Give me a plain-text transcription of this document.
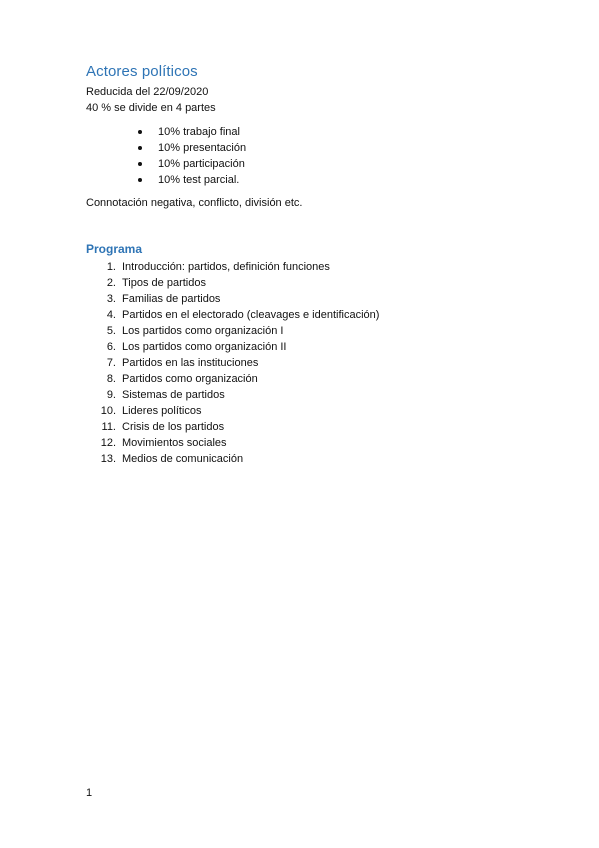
Actores políticos
Reducida del 22/09/2020
40 % se divide en 4 partes
10% trabajo final
10% presentación
10% participación
10% test parcial.
Connotación negativa, conflicto, división etc.
Programa
1. Introducción: partidos, definición funciones
2. Tipos de partidos
3. Familias de partidos
4. Partidos en el electorado (cleavages e identificación)
5. Los partidos como organización I
6. Los partidos como organización II
7. Partidos en las instituciones
8. Partidos como organización
9. Sistemas de partidos
10. Lideres políticos
11. Crisis de los partidos
12. Movimientos sociales
13. Medios de comunicación
1
